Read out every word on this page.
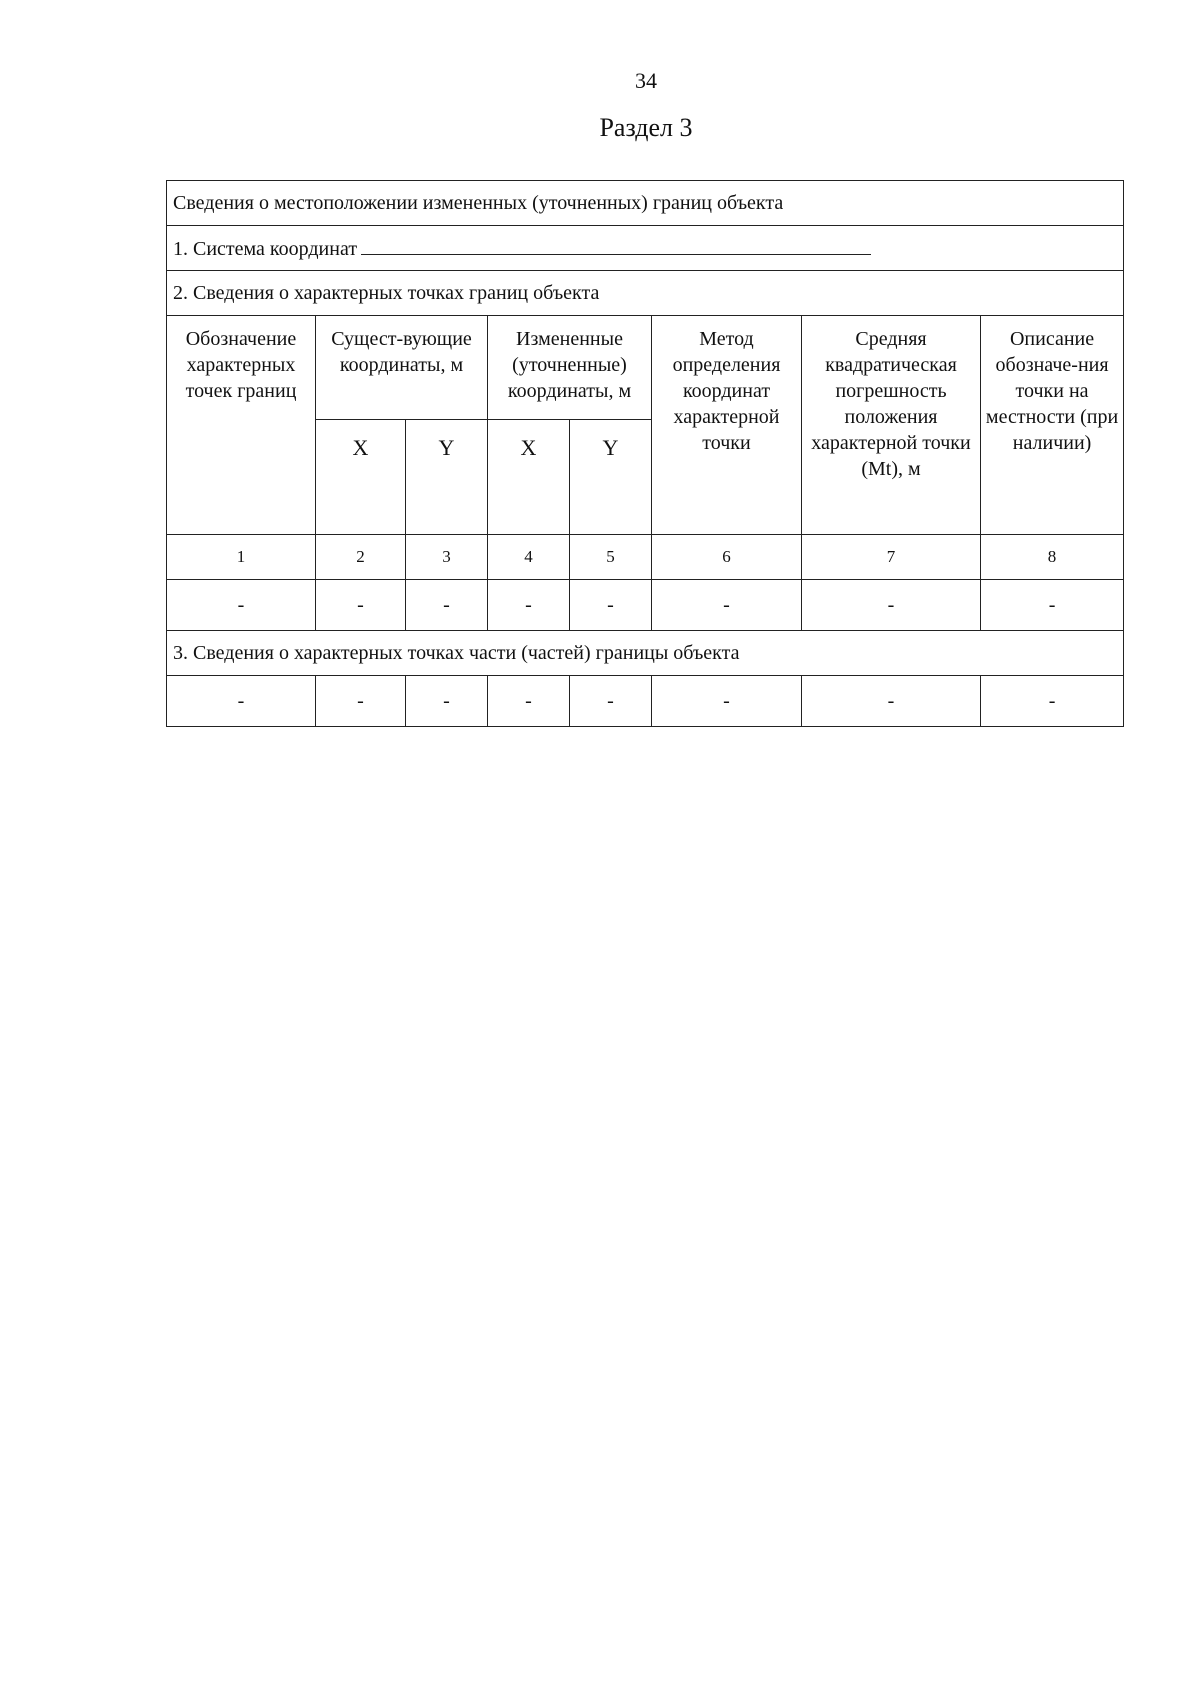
34
Раздел 3
Сведения о местоположении измененных (уточненных) границ объекта							
1. Система координат							
2. Сведения о характерных точках границ объекта							
Обозначение характерных точек границ	Сущест-вующие координаты, м		Измененные (уточненные) координаты, м		Метод определения координат характерной точки	Средняя квадратическая погрешность положения характерной точки (Mt), м	Описание обозначе-ния точки на местности (при наличии)
	X	Y	X	Y			
1	2	3	4	5	6	7	8
-	-	-	-	-	-	-	-
3. Сведения о характерных точках части (частей) границы объекта							
-	-	-	-	-	-	-	-
